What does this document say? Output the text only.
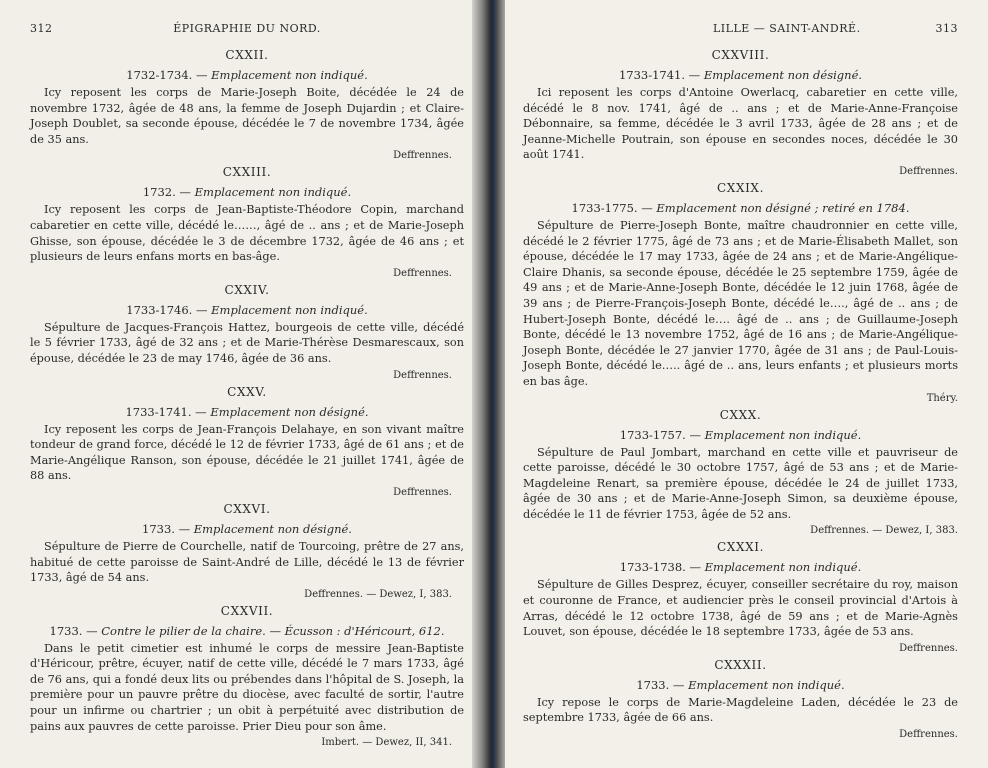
312	ÉPIGRAPHIE DU NORD.
CXXII.
1732-1734. — Emplacement non indiqué.

Icy reposent les corps de Marie-Joseph Boite, décédée le 24 de novembre 1732, âgée de 48 ans, la femme de Joseph Dujardin ; et Claire-Joseph Doublet, sa seconde épouse, décédée le 7 de novembre 1734, âgée de 35 ans.

Deffrennes.
CXXIII.
1732. — Emplacement non indiqué.

Icy reposent les corps de Jean-Baptiste-Théodore Copin, marchand cabaretier en cette ville, décédé le……, âgé de .. ans ; et de Marie-Joseph Ghisse, son épouse, décédée le 3 de décembre 1732, âgée de 46 ans ; et plusieurs de leurs enfans morts en bas-âge.

Deffrennes.
CXXIV.
1733-1746. — Emplacement non indiqué.

Sépulture de Jacques-François Hattez, bourgeois de cette ville, décédé le 5 février 1733, âgé de 32 ans ; et de Marie-Thérèse Desmarescaux, son épouse, décédée le 23 de may 1746, âgée de 36 ans.

Deffrennes.
CXXV.
1733-1741. — Emplacement non désigné.

Icy reposent les corps de Jean-François Delahaye, en son vivant maître tondeur de grand force, décédé le 12 de février 1733, âgé de 61 ans ; et de Marie-Angélique Ranson, son épouse, décédée le 21 juillet 1741, âgée de 88 ans.

Deffrennes.
CXXVI.
1733. — Emplacement non désigné.

Sépulture de Pierre de Courchelle, natif de Tourcoing, prêtre de 27 ans, habitué de cette paroisse de Saint-André de Lille, décédé le 13 de février 1733, âgé de 54 ans.

Deffrennes. — Dewez, I, 383.
CXXVII.
1733. — Contre le pilier de la chaire. — Écusson : d'Héricourt, 612.

Dans le petit cimetier est inhumé le corps de messire Jean-Baptiste d'Héricour, prêtre, écuyer, natif de cette ville, décédé le 7 mars 1733, âgé de 76 ans, qui a fondé deux lits ou prébendes dans l'hôpital de S. Joseph, la première pour un pauvre prêtre du diocèse, avec faculté de sortir, l'autre pour un infirme ou chartrier ; un obit à perpétuité avec distribution de pains aux pauvres de cette paroisse. Prier Dieu pour son âme.

Imbert. — Dewez, II, 341.
LILLE — SAINT-ANDRÉ.	313
CXXVIII.
1733-1741. — Emplacement non désigné.

Ici reposent les corps d'Antoine Owerlacq, cabaretier en cette ville, décédé le 8 nov. 1741, âgé de .. ans ; et de Marie-Anne-Françoise Débonnaire, sa femme, décédée le 3 avril 1733, âgée de 28 ans ; et de Jeanne-Michelle Poutrain, son épouse en secondes noces, décédée le 30 août 1741.

Deffrennes.
CXXIX.
1733-1775. — Emplacement non désigné ; retiré en 1784.

Sépulture de Pierre-Joseph Bonte, maître chaudronnier en cette ville, décédé le 2 février 1775, âgé de 73 ans ; et de Marie-Élisabeth Mallet, son épouse, décédée le 17 may 1733, âgée de 24 ans ; et de Marie-Angélique-Claire Dhanis, sa seconde épouse, décédée le 25 septembre 1759, âgée de 49 ans ; et de Marie-Anne-Joseph Bonte, décédée le 12 juin 1768, âgée de 39 ans ; de Pierre-François-Joseph Bonte, décédé le…., âgé de .. ans ; de Hubert-Joseph Bonte, décédé le…. âgé de .. ans ; de Guillaume-Joseph Bonte, décédé le 13 novembre 1752, âgé de 16 ans ; de Marie-Angélique-Joseph Bonte, décédée le 27 janvier 1770, âgée de 31 ans ; de Paul-Louis-Joseph Bonte, décédé le….. âgé de .. ans, leurs enfants ; et plusieurs morts en bas âge.

Théry.
CXXX.
1733-1757. — Emplacement non indiqué.

Sépulture de Paul Jombart, marchand en cette ville et pauvriseur de cette paroisse, décédé le 30 octobre 1757, âgé de 53 ans ; et de Marie-Magdeleine Renart, sa première épouse, décédée le 24 de juillet 1733, âgée de 30 ans ; et de Marie-Anne-Joseph Simon, sa deuxième épouse, décédée le 11 de février 1753, âgée de 52 ans.

Deffrennes. — Dewez, I, 383.
CXXXI.
1733-1738. — Emplacement non indiqué.

Sépulture de Gilles Desprez, écuyer, conseiller secrétaire du roy, maison et couronne de France, et audiencier près le conseil provincial d'Artois à Arras, décédé le 12 octobre 1738, âgé de 59 ans ; et de Marie-Agnès Louvet, son épouse, décédée le 18 septembre 1733, âgée de 53 ans.

Deffrennes.
CXXXII.
1733. — Emplacement non indiqué.

Icy repose le corps de Marie-Magdeleine Laden, décédée le 23 de septembre 1733, âgée de 66 ans.

Deffrennes.
